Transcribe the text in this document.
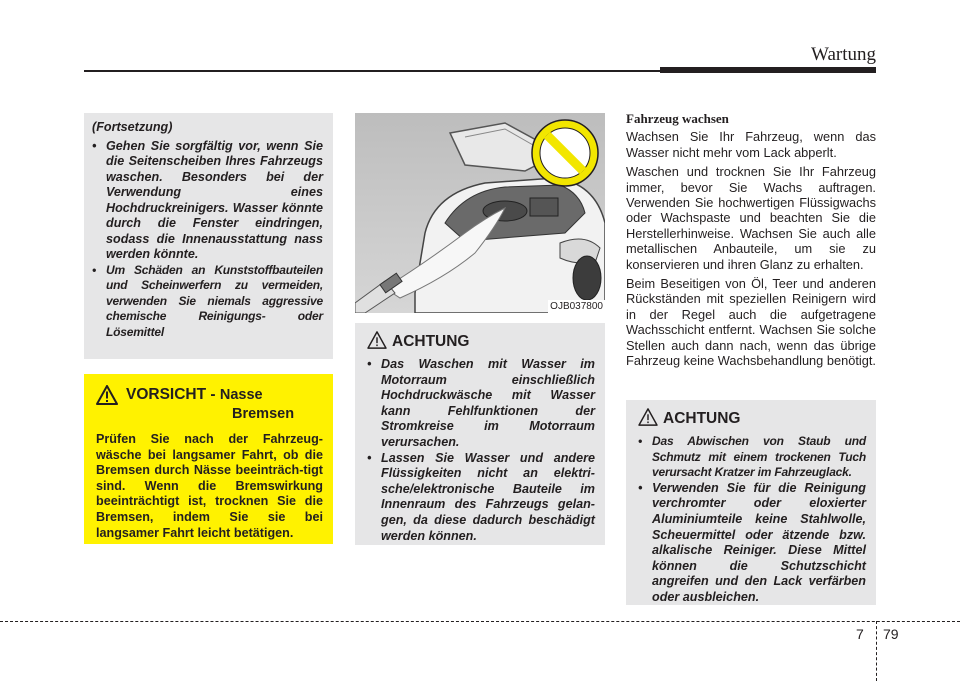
Wartung
(Fortsetzung)
• Gehen Sie sorgfältig vor, wenn Sie die Seitenscheiben Ihres Fahrzeugs waschen. Besonders bei der Verwendung eines Hochdruckreinigers. Wasser könnte durch die Fenster eindringen, sodass die Innenausstattung nass werden könnte.
• Um Schäden an Kunststoffbauteilen und Scheinwerfern zu vermeiden, verwenden Sie niemals aggressive chemische Reinigungs- oder Lösemittel
VORSICHT - Nasse
Bremsen
Prüfen Sie nach der Fahrzeug-wäsche bei langsamer Fahrt, ob die Bremsen durch Nässe beeinträch-tigt sind. Wenn die Bremswirkung beeinträchtigt ist, trocknen Sie die Bremsen, indem Sie sie bei langsamer Fahrt leicht betätigen.
OJB037800
ACHTUNG
• Das Waschen mit Wasser im Motorraum einschließlich Hochdruckwäsche mit Wasser kann Fehlfunktionen der Stromkreise im Motorraum verursachen.
• Lassen Sie Wasser und andere Flüssigkeiten nicht an elektri-sche/elektronische Bauteile im Innenraum des Fahrzeugs gelan-gen, da diese dadurch beschädigt werden können.
Fahrzeug wachsen

Wachsen Sie Ihr Fahrzeug, wenn das Wasser nicht mehr vom Lack abperlt.

Waschen und trocknen Sie Ihr Fahrzeug immer, bevor Sie Wachs auftragen. Verwenden Sie hochwertigen Flüssigwachs oder Wachspaste und beachten Sie die Herstellerhinweise. Wachsen Sie auch alle metallischen Anbauteile, um sie zu konservieren und ihren Glanz zu erhalten.

Beim Beseitigen von Öl, Teer und anderen Rückständen mit speziellen Reinigern wird in der Regel auch die aufgetragene Wachsschicht entfernt. Wachsen Sie solche Stellen auch dann nach, wenn das übrige Fahrzeug keine Wachsbehandlung benötigt.

ACHTUNG
• Das Abwischen von Staub und Schmutz mit einem trockenen Tuch verursacht Kratzer im Fahrzeuglack.
• Verwenden Sie für die Reinigung verchromter oder eloxierter Aluminiumteile keine Stahlwolle, Scheuermittel oder ätzende bzw. alkalische Reiniger. Diese Mittel können die Schutzschicht angreifen und den Lack verfärben oder ausbleichen.
7 79
